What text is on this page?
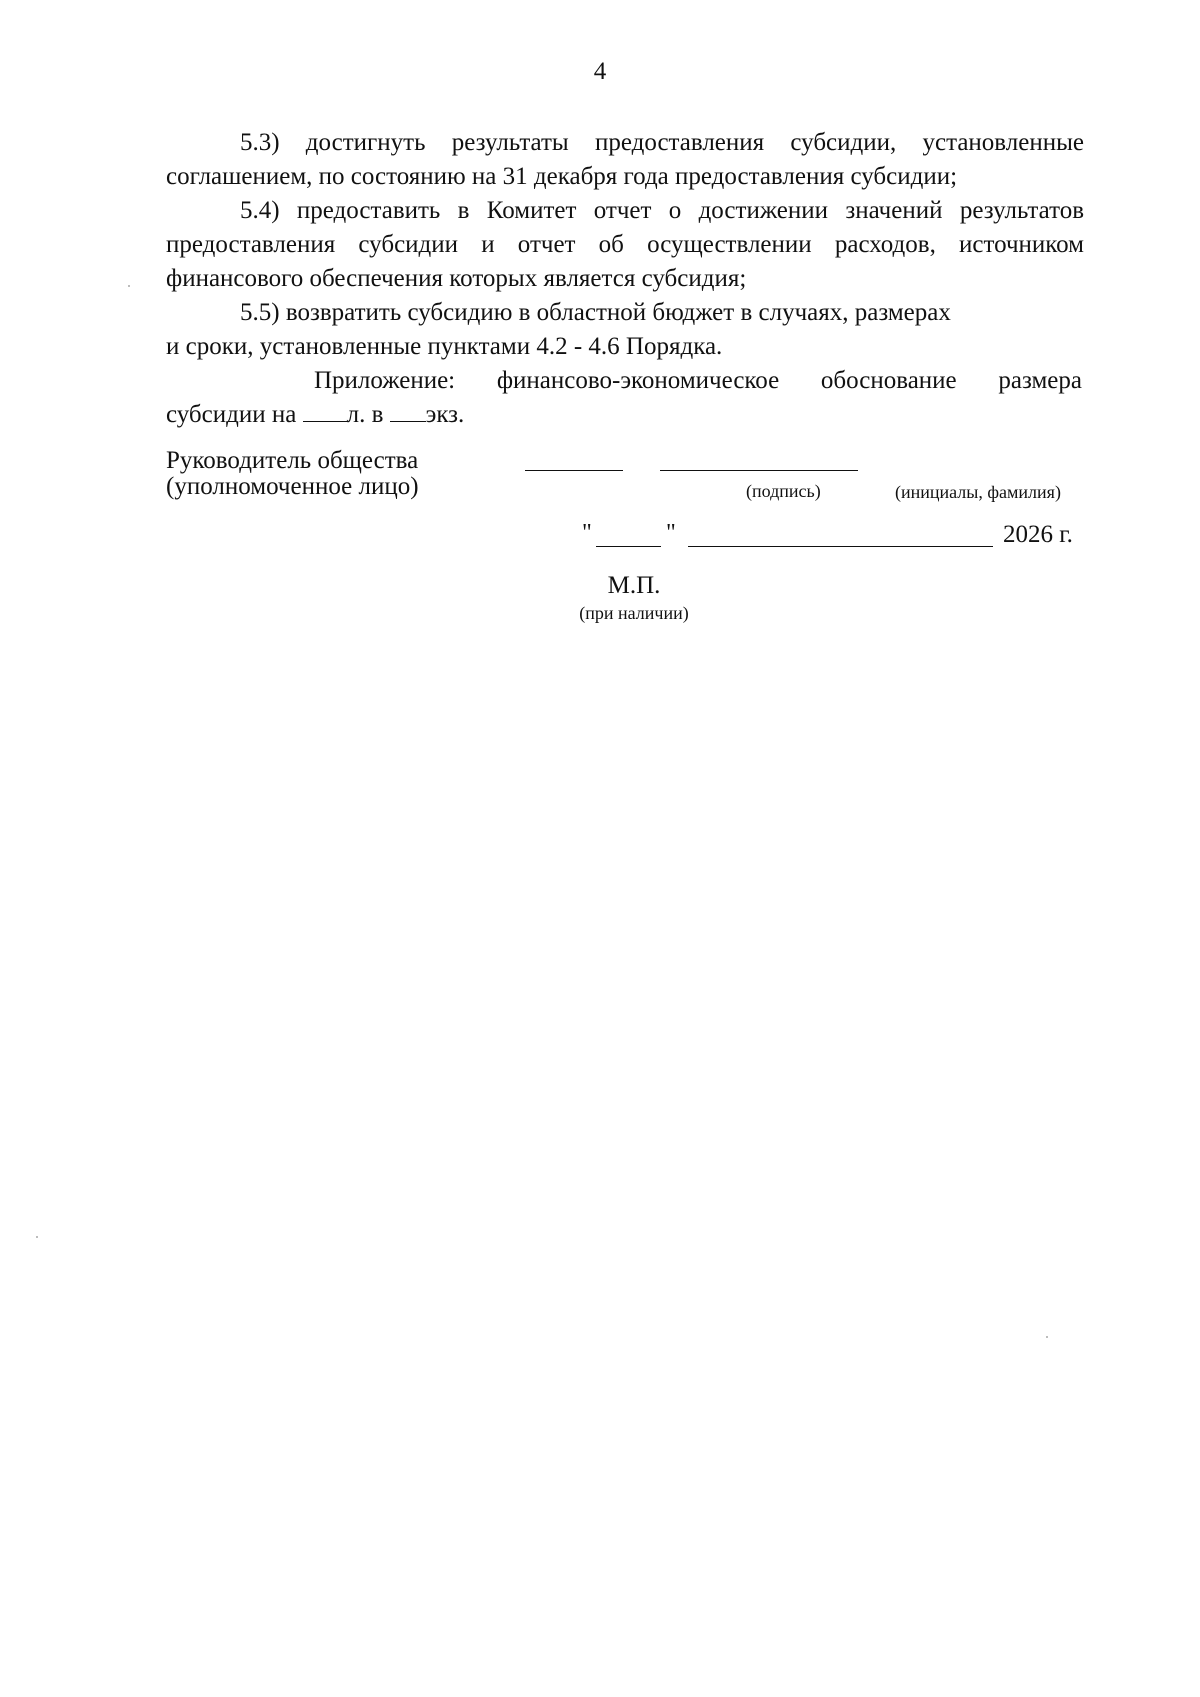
4

5.3) достигнуть результаты предоставления субсидии, установленные соглашением, по состоянию на 31 декабря года предоставления субсидии;

5.4) предоставить в Комитет отчет о достижении значений результатов предоставления субсидии и отчет об осуществлении расходов, источником финансового обеспечения которых является субсидия;

5.5) возвратить субсидию в областной бюджет в случаях, размерах
и сроки, установленные пунктами 4.2 - 4.6 Порядка.

Приложение: финансово-экономическое обоснование размера
субсидии на л. в экз.

Руководитель общества
(уполномоченное лицо)	(подпись)	(инициалы, фамилия)
"	"	2026 г.
М.П.
(при наличии)
